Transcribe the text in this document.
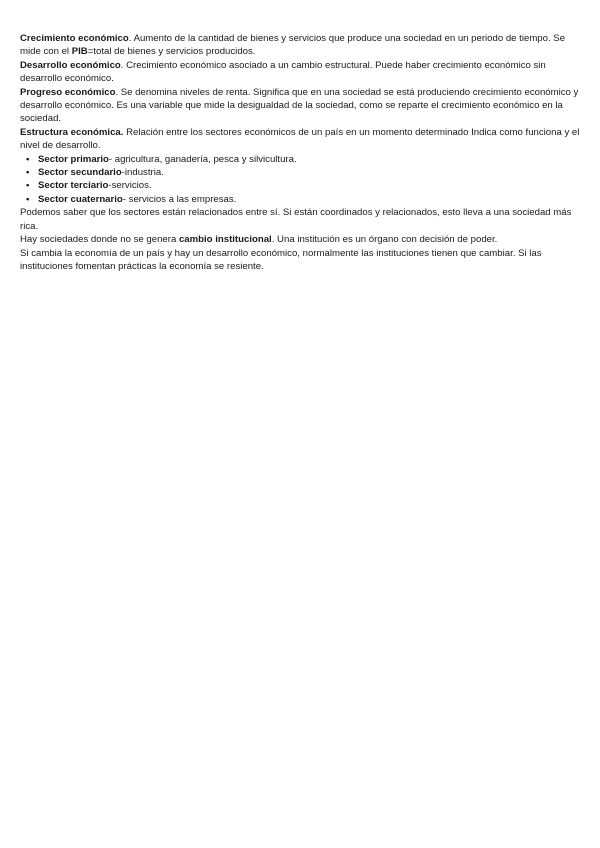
Crecimiento económico. Aumento de la cantidad de bienes y servicios que produce una sociedad en un periodo de tiempo. Se mide con el PIB=total de bienes y servicios producidos.

Desarrollo económico. Crecimiento económico asociado a un cambio estructural. Puede haber crecimiento económico sin desarrollo económico.

Progreso económico. Se denomina niveles de renta. Significa que en una sociedad se está produciendo crecimiento económico y desarrollo económico. Es una variable que mide la desigualdad de la sociedad, como se reparte el crecimiento económico en la sociedad.

Estructura económica. Relación entre los sectores económicos de un país en un momento determinado Indica como funciona y el nivel de desarrollo.

• Sector primario- agricultura, ganadería, pesca y silvicultura.
• Sector secundario-industria.
• Sector terciario-servicios.
• Sector cuaternario- servicios a las empresas.

Podemos saber que los sectores están relacionados entre sí. Si están coordinados y relacionados, esto lleva a una sociedad más rica.

Hay sociedades donde no se genera cambio institucional. Una institución es un órgano con decisión de poder.

Si cambia la economía de un país y hay un desarrollo económico, normalmente las instituciones tienen que cambiar. Si las instituciones fomentan prácticas la economía se resiente.
